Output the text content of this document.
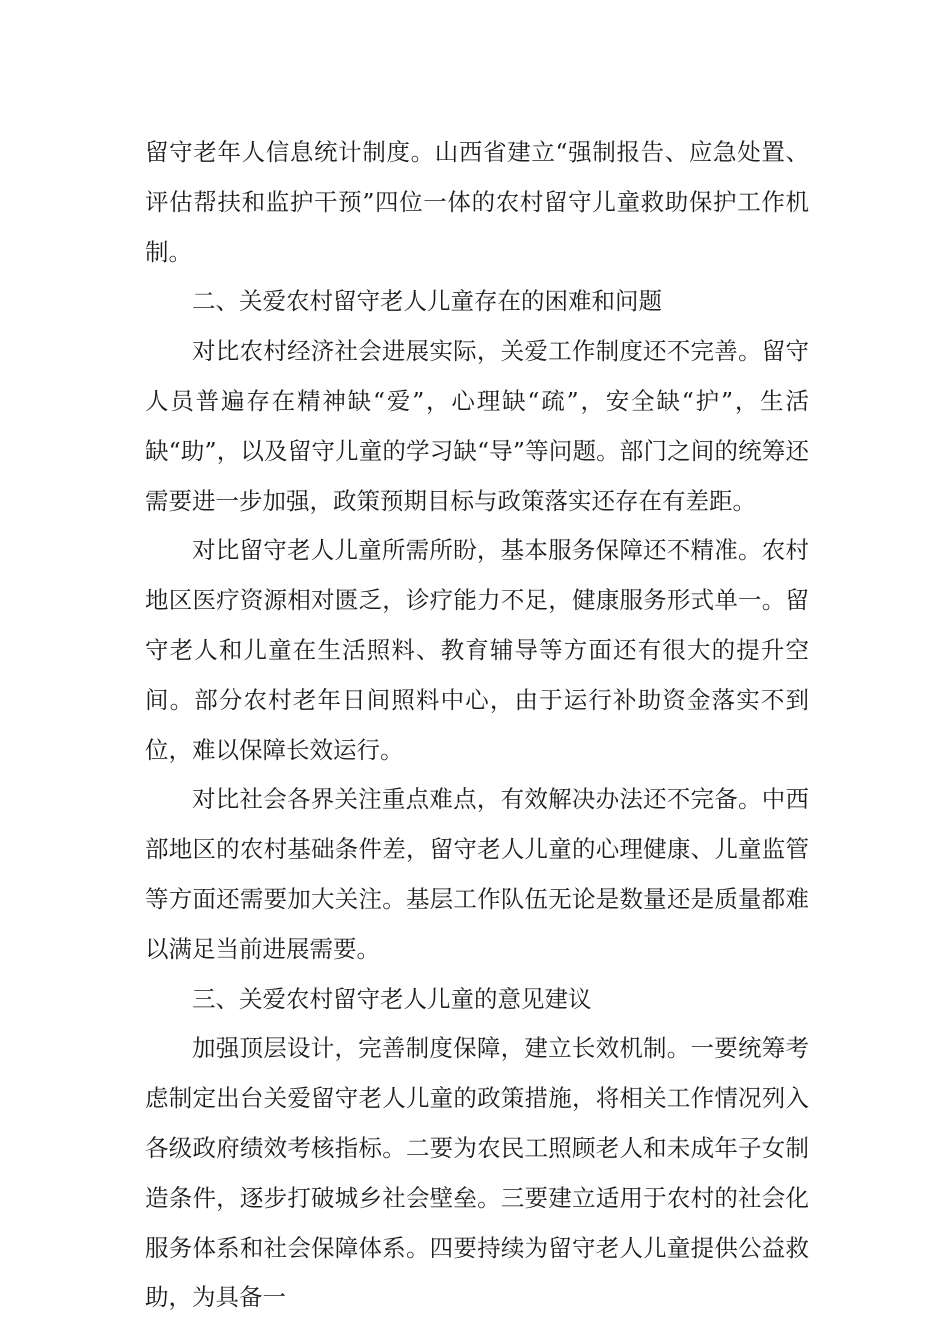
留守老年人信息统计制度。山西省建立“强制报告、应急处置、评估帮扶和监护干预”四位一体的农村留守儿童救助保护工作机制。

二、关爱农村留守老人儿童存在的困难和问题

对比农村经济社会进展实际，关爱工作制度还不完善。留守人员普遍存在精神缺“爱”，心理缺“疏”，安全缺“护”，生活缺“助”，以及留守儿童的学习缺“导”等问题。部门之间的统筹还需要进一步加强，政策预期目标与政策落实还存在有差距。

对比留守老人儿童所需所盼，基本服务保障还不精准。农村地区医疗资源相对匮乏，诊疗能力不足，健康服务形式单一。留守老人和儿童在生活照料、教育辅导等方面还有很大的提升空间。部分农村老年日间照料中心，由于运行补助资金落实不到位，难以保障长效运行。

对比社会各界关注重点难点，有效解决办法还不完备。中西部地区的农村基础条件差，留守老人儿童的心理健康、儿童监管等方面还需要加大关注。基层工作队伍无论是数量还是质量都难以满足当前进展需要。

三、关爱农村留守老人儿童的意见建议

加强顶层设计，完善制度保障，建立长效机制。一要统筹考虑制定出台关爱留守老人儿童的政策措施，将相关工作情况列入各级政府绩效考核指标。二要为农民工照顾老人和未成年子女制造条件，逐步打破城乡社会壁垒。三要建立适用于农村的社会化服务体系和社会保障体系。四要持续为留守老人儿童提供公益救助，为具备一
